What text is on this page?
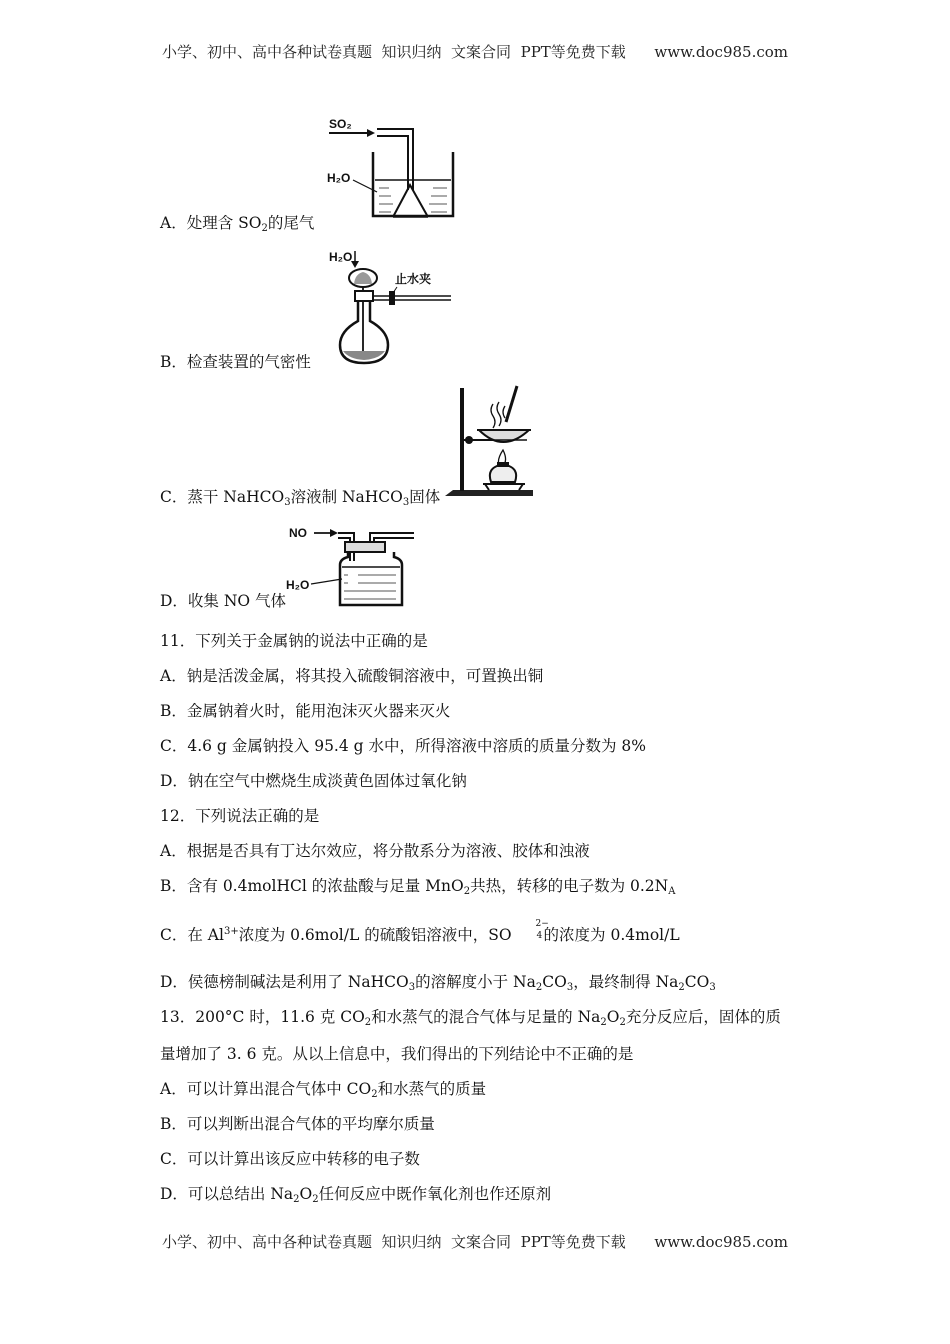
小学、初中、高中各种试卷真题  知识归纳  文案合同  PPT等免费下载 www.doc985.com
SO₂
H₂O
A．处理含 $SO_2$的尾气
H₂O
止水夹
B．检查装置的气密性
C．蒸干 NaHCO$_3$溶液制 NaHCO$_3$固体
NO
H₂O
D．收集 NO 气体
11．下列关于金属钠的说法中正确的是
A．钠是活泼金属，将其投入硫酸铜溶液中，可置换出铜
B．金属钠着火时，能用泡沫灭火器来灭火
C．4.6 g 金属钠投入 95.4 g 水中，所得溶液中溶质的质量分数为 8%
D．钠在空气中燃烧生成淡黄色固体过氧化钠
12．下列说法正确的是
A．根据是否具有丁达尔效应，将分散系分为溶液、胶体和浊液
B．含有 0.4molHCl 的浓盐酸与足量 MnO$_2$共热，转移的电子数为 $0.2N_A$
C．在 $Al^{3+}$浓度为 0.6mol/L 的硫酸铝溶液中，SO
2−
4 的浓度为 0.4mol/L
D．侯德榜制碱法是利用了 NaHCO$_3$的溶解度小于 $Na_2CO_3$，最终制得 $Na_2CO_3$
13．200°C 时，11.6 克 $CO_2$和水蒸气的混合气体与足量的 $Na_2O_2$充分反应后，固体的质
量增加了 3. 6 克。从以上信息中，我们得出的下列结论中不正确的是
A．可以计算出混合气体中 $CO_2$和水蒸气的质量
B．可以判断出混合气体的平均摩尔质量
C．可以计算出该反应中转移的电子数
D．可以总结出 $Na_2O_2$任何反应中既作氧化剂也作还原剂
小学、初中、高中各种试卷真题  知识归纳  文案合同  PPT等免费下载 www.doc985.com
